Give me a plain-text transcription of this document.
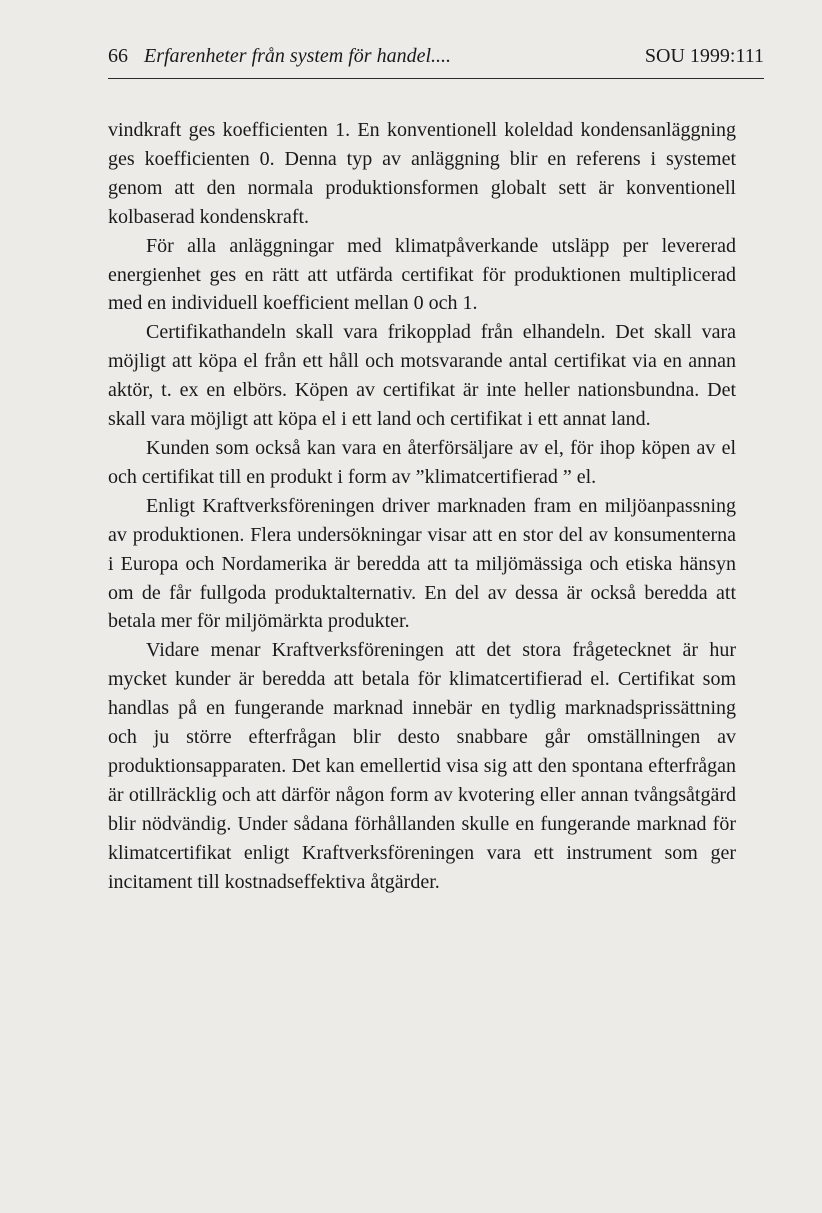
66 Erfarenheter från system för handel....	SOU 1999:111

vindkraft ges koefficienten 1. En konventionell koleldad kondensanläggning ges koefficienten 0. Denna typ av anläggning blir en referens i systemet genom att den normala produktionsformen globalt sett är konventionell kolbaserad kondenskraft.

För alla anläggningar med klimatpåverkande utsläpp per levererad energienhet ges en rätt att utfärda certifikat för produktionen multiplicerad med en individuell koefficient mellan 0 och 1.

Certifikathandeln skall vara frikopplad från elhandeln. Det skall vara möjligt att köpa el från ett håll och motsvarande antal certifikat via en annan aktör, t. ex en elbörs. Köpen av certifikat är inte heller nationsbundna. Det skall vara möjligt att köpa el i ett land och certifikat i ett annat land.

Kunden som också kan vara en återförsäljare av el, för ihop köpen av el och certifikat till en produkt i form av ”klimatcertifierad ” el.

Enligt Kraftverksföreningen driver marknaden fram en miljöanpassning av produktionen. Flera undersökningar visar att en stor del av konsumenterna i Europa och Nordamerika är beredda att ta miljömässiga och etiska hänsyn om de får fullgoda produktalternativ. En del av dessa är också beredda att betala mer för miljömärkta produkter.

Vidare menar Kraftverksföreningen att det stora frågetecknet är hur mycket kunder är beredda att betala för klimatcertifierad el. Certifikat som handlas på en fungerande marknad innebär en tydlig marknadsprissättning och ju större efterfrågan blir desto snabbare går omställningen av produktionsapparaten. Det kan emellertid visa sig att den spontana efterfrågan är otillräcklig och att därför någon form av kvotering eller annan tvångsåtgärd blir nödvändig. Under sådana förhållanden skulle en fungerande marknad för klimatcertifikat enligt Kraftverksföreningen vara ett instrument som ger incitament till kostnadseffektiva åtgärder.
